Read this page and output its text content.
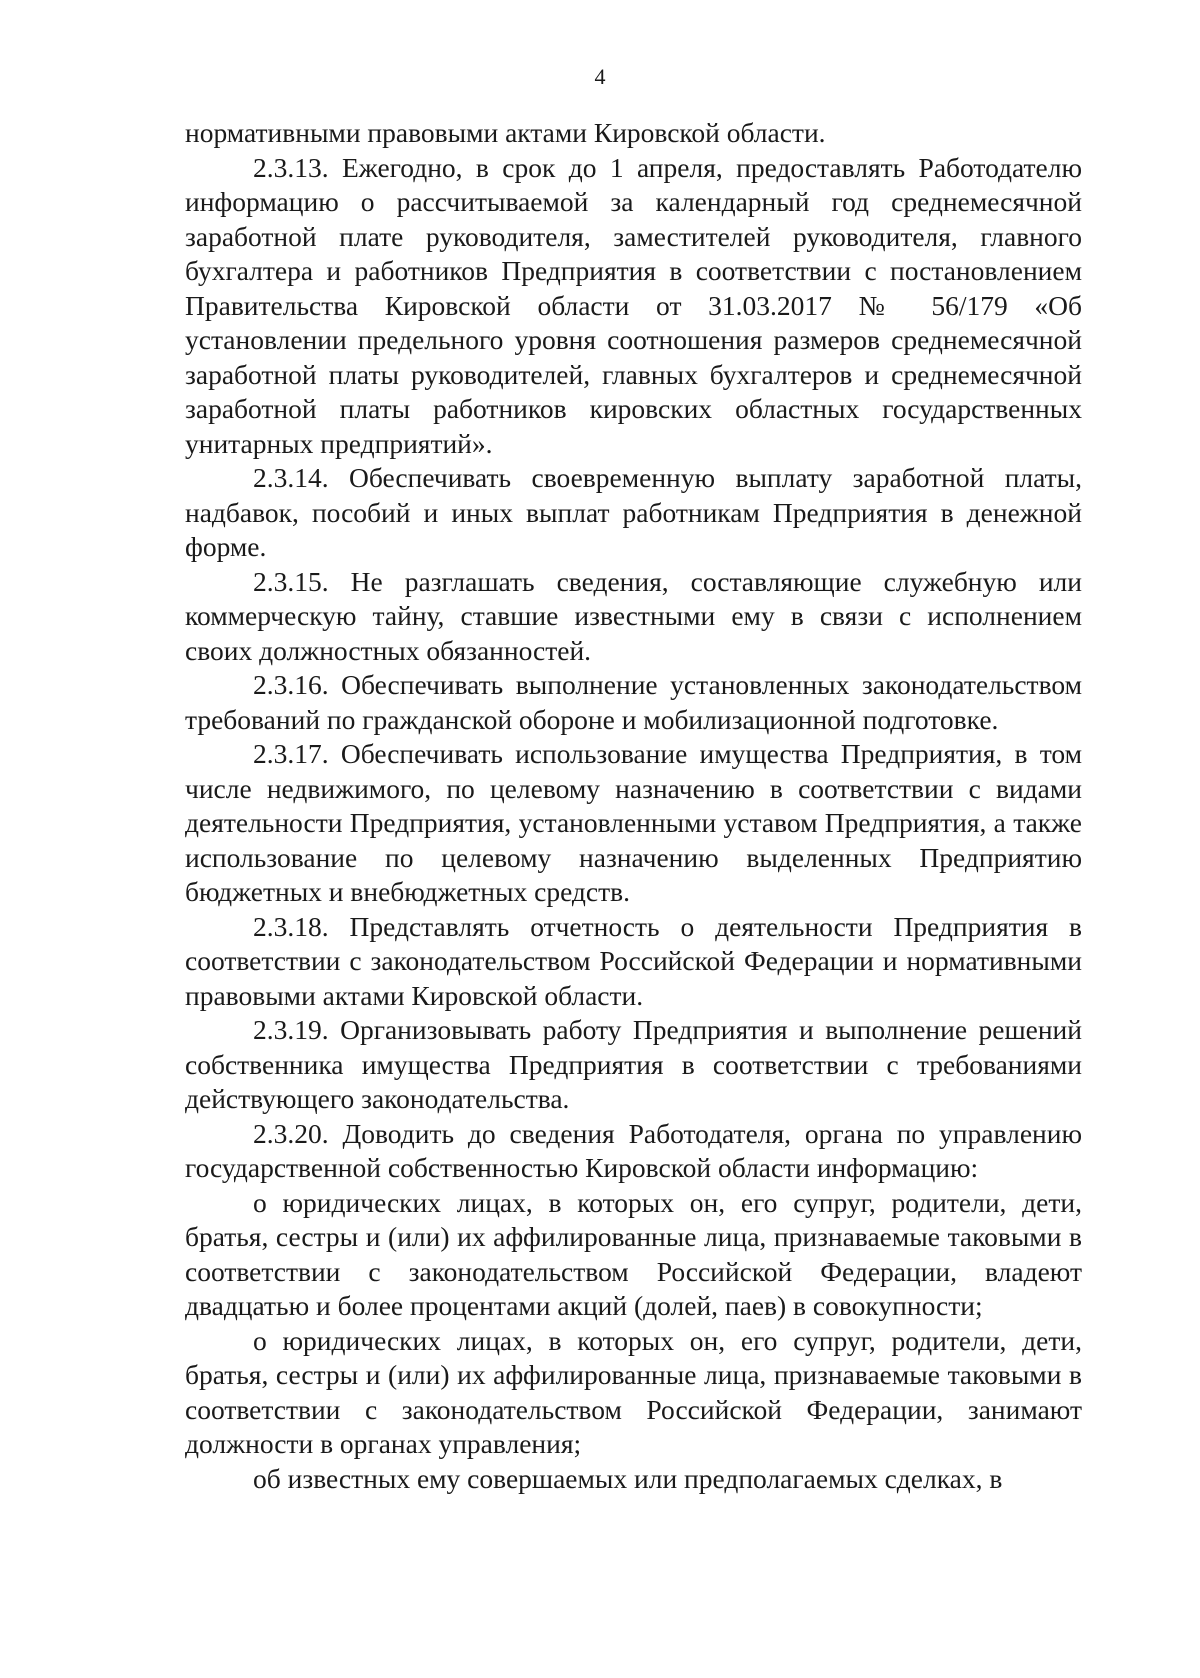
4

нормативными правовыми актами Кировской области.

2.3.13. Ежегодно, в срок до 1 апреля, предоставлять Работодателю информацию о рассчитываемой за календарный год среднемесячной заработной плате руководителя, заместителей руководителя, главного бухгалтера и работников Предприятия в соответствии с постановлением Правительства Кировской области от 31.03.2017 № 56/179 «Об установлении предельного уровня соотношения размеров среднемесячной заработной платы руководителей, главных бухгалтеров и среднемесячной заработной платы работников кировских областных государственных унитарных предприятий».

2.3.14. Обеспечивать своевременную выплату заработной платы, надбавок, пособий и иных выплат работникам Предприятия в денежной форме.

2.3.15. Не разглашать сведения, составляющие служебную или коммерческую тайну, ставшие известными ему в связи с исполнением своих должностных обязанностей.

2.3.16. Обеспечивать выполнение установленных законодательством требований по гражданской обороне и мобилизационной подготовке.

2.3.17. Обеспечивать использование имущества Предприятия, в том числе недвижимого, по целевому назначению в соответствии с видами деятельности Предприятия, установленными уставом Предприятия, а также использование по целевому назначению выделенных Предприятию бюджетных и внебюджетных средств.

2.3.18. Представлять отчетность о деятельности Предприятия в соответствии с законодательством Российской Федерации и нормативными правовыми актами Кировской области.

2.3.19. Организовывать работу Предприятия и выполнение решений собственника имущества Предприятия в соответствии с требованиями действующего законодательства.

2.3.20. Доводить до сведения Работодателя, органа по управлению государственной собственностью Кировской области информацию:

о юридических лицах, в которых он, его супруг, родители, дети, братья, сестры и (или) их аффилированные лица, признаваемые таковыми в соответствии с законодательством Российской Федерации, владеют двадцатью и более процентами акций (долей, паев) в совокупности;

о юридических лицах, в которых он, его супруг, родители, дети, братья, сестры и (или) их аффилированные лица, признаваемые таковыми в соответствии с законодательством Российской Федерации, занимают должности в органах управления;

об известных ему совершаемых или предполагаемых сделках, в
